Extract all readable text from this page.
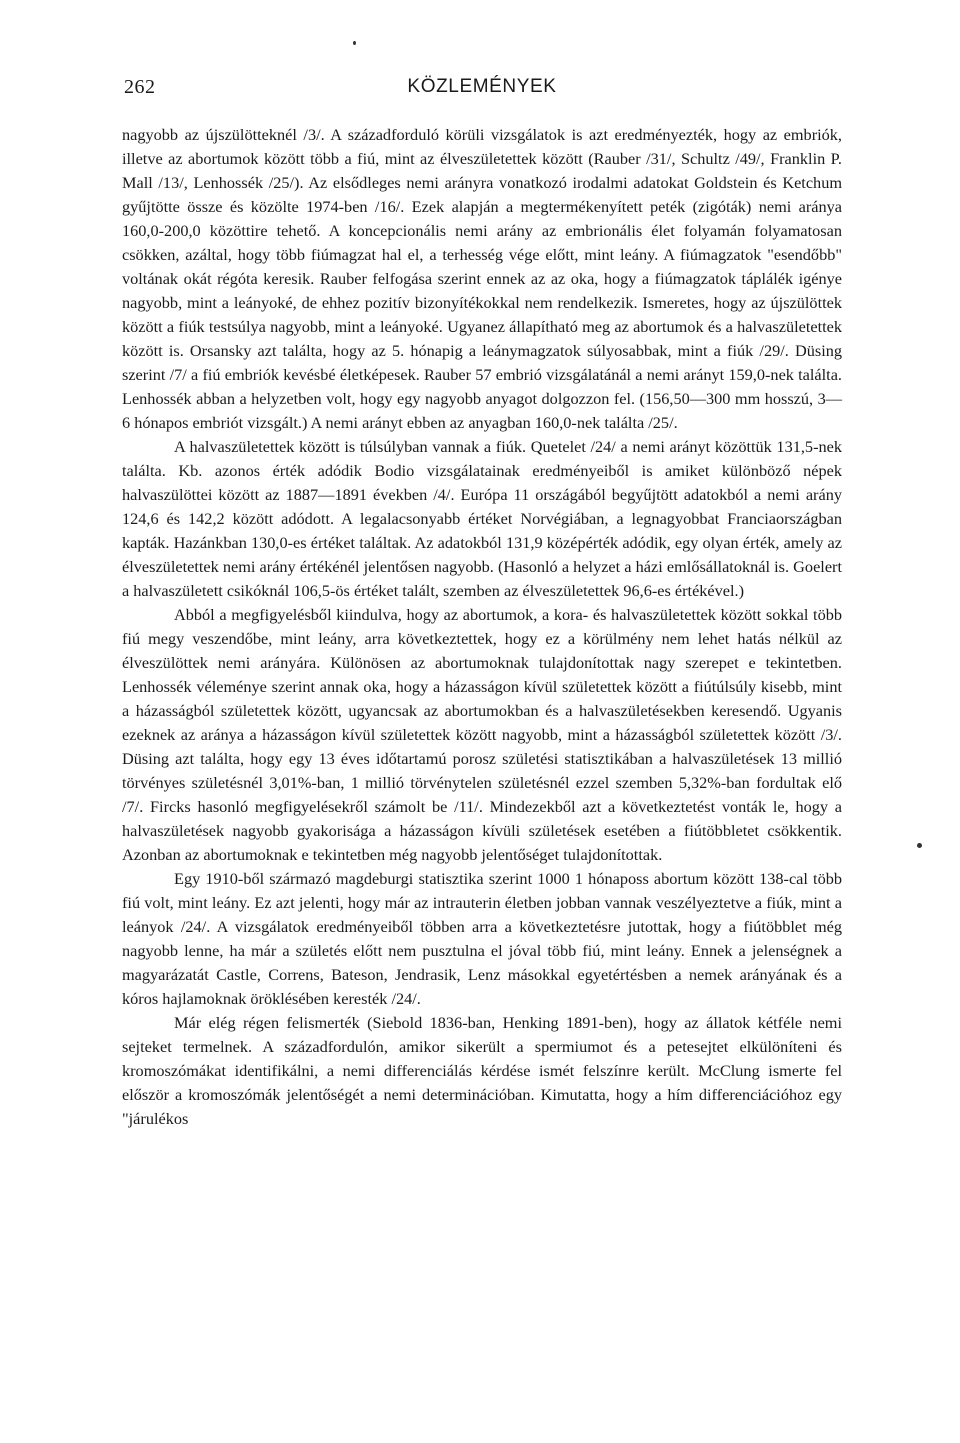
262	KÖZLEMÉNYEK

nagyobb az újszülötteknél /3/. A századforduló körüli vizsgálatok is azt eredményezték, hogy az embriók, illetve az abortumok között több a fiú, mint az élveszületettek között (Rauber /31/, Schultz /49/, Franklin P. Mall /13/, Lenhossék /25/). Az elsődleges nemi arányra vonatkozó irodalmi adatokat Goldstein és Ketchum gyűjtötte össze és közölte 1974-ben /16/. Ezek alapján a megtermékenyített peték (zigóták) nemi aránya 160,0-200,0 közöttire tehető. A koncepcionális nemi arány az embrionális élet folyamán folyamatosan csökken, azáltal, hogy több fiúmagzat hal el, a terhesség vége előtt, mint leány. A fiúmagzatok "esendőbb" voltának okát régóta keresik. Rauber felfogása szerint ennek az az oka, hogy a fiúmagzatok táplálék igénye nagyobb, mint a leányoké, de ehhez pozitív bizonyítékokkal nem rendelkezik. Ismeretes, hogy az újszülöttek között a fiúk testsúlya nagyobb, mint a leányoké. Ugyanez állapítható meg az abortumok és a halvaszületettek között is. Orsansky azt találta, hogy az 5. hónapig a leánymagzatok súlyosabbak, mint a fiúk /29/. Düsing szerint /7/ a fiú embriók kevésbé életképesek. Rauber 57 embrió vizsgálatánál a nemi arányt 159,0-nek találta. Lenhossék abban a helyzetben volt, hogy egy nagyobb anyagot dolgozzon fel. (156,50—300 mm hosszú, 3—6 hónapos embriót vizsgált.) A nemi arányt ebben az anyagban 160,0-nek találta /25/.

A halvaszületettek között is túlsúlyban vannak a fiúk. Quetelet /24/ a nemi arányt közöttük 131,5-nek találta. Kb. azonos érték adódik Bodio vizsgálatainak eredményeiből is amiket különböző népek halvaszülöttei között az 1887—1891 években /4/. Európa 11 országából begyűjtött adatokból a nemi arány 124,6 és 142,2 között adódott. A legalacsonyabb értéket Norvégiában, a legnagyobbat Franciaországban kapták. Hazánkban 130,0-es értéket találtak. Az adatokból 131,9 középérték adódik, egy olyan érték, amely az élveszületettek nemi arány értékénél jelentősen nagyobb. (Hasonló a helyzet a házi emlősállatoknál is. Goelert a halvaszületett csikóknál 106,5-ös értéket talált, szemben az élveszületettek 96,6-es értékével.)

Abból a megfigyelésből kiindulva, hogy az abortumok, a kora- és halvaszületettek között sokkal több fiú megy veszendőbe, mint leány, arra következtettek, hogy ez a körülmény nem lehet hatás nélkül az élveszülöttek nemi arányára. Különösen az abortumoknak tulajdonítottak nagy szerepet e tekintetben. Lenhossék véleménye szerint annak oka, hogy a házasságon kívül születettek között a fiútúlsúly kisebb, mint a házasságból születettek között, ugyancsak az abortumokban és a halvaszületésekben keresendő. Ugyanis ezeknek az aránya a házasságon kívül születettek között nagyobb, mint a házasságból születettek között /3/. Düsing azt találta, hogy egy 13 éves időtartamú porosz születési statisztikában a halvaszületések 13 millió törvényes születésnél 3,01%-ban, 1 millió törvénytelen születésnél ezzel szemben 5,32%-ban fordultak elő /7/. Fircks hasonló megfigyelésekről számolt be /11/. Mindezekből azt a következtetést vonták le, hogy a halvaszületések nagyobb gyakorisága a házasságon kívüli születések esetében a fiútöbbletet csökkentik. Azonban az abortumoknak e tekintetben még nagyobb jelentőséget tulajdonítottak.

Egy 1910-ből származó magdeburgi statisztika szerint 1000 1 hónaposs abortum között 138-cal több fiú volt, mint leány. Ez azt jelenti, hogy már az intrauterin életben jobban vannak veszélyeztetve a fiúk, mint a leányok /24/. A vizsgálatok eredményeiből többen arra a következtetésre jutottak, hogy a fiútöbblet még nagyobb lenne, ha már a születés előtt nem pusztulna el jóval több fiú, mint leány. Ennek a jelenségnek a magyarázatát Castle, Correns, Bateson, Jendrasik, Lenz másokkal egyetértésben a nemek arányának és a kóros hajlamoknak öröklésében keresték /24/.

Már elég régen felismerték (Siebold 1836-ban, Henking 1891-ben), hogy az állatok kétféle nemi sejteket termelnek. A századfordulón, amikor sikerült a spermiumot és a petesejtet elkülöníteni és kromoszómákat identifikálni, a nemi differenciálás kérdése ismét felszínre került. McClung ismerte fel először a kromoszómák jelentőségét a nemi determinációban. Kimutatta, hogy a hím differenciációhoz egy "járulékos
